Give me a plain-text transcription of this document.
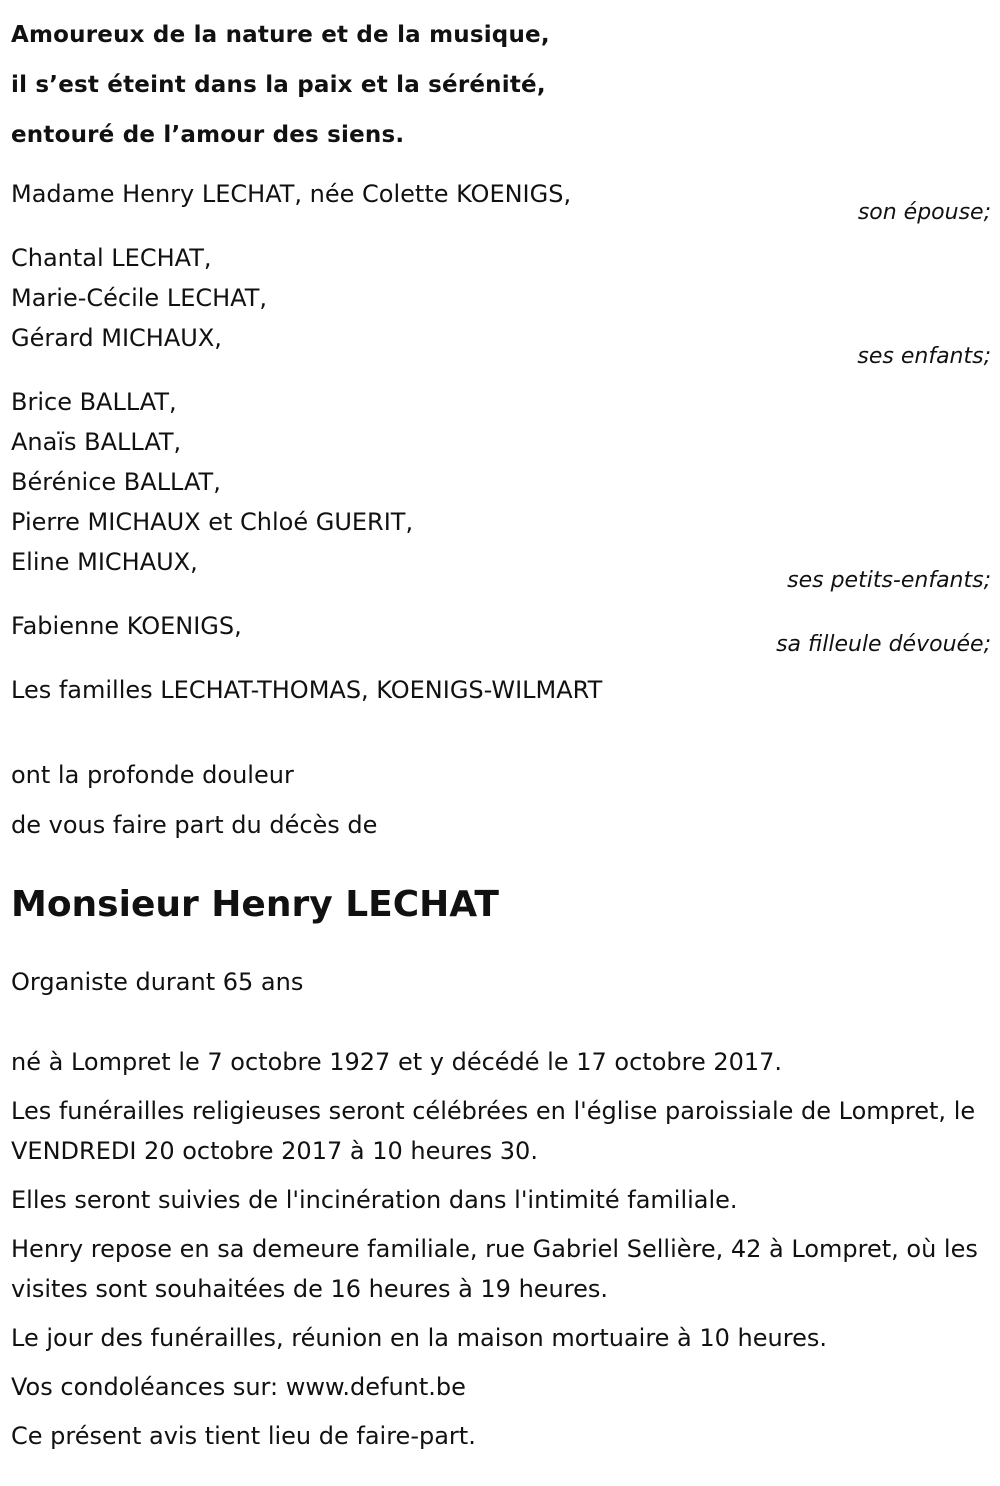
Amoureux de la nature et de la musique,
il s’est éteint dans la paix et la sérénité,
entouré de l’amour des siens.
Madame Henry LECHAT, née Colette KOENIGS,
son épouse;
Chantal LECHAT,
Marie-Cécile LECHAT,
Gérard MICHAUX,
ses enfants;
Brice BALLAT,
Anaïs BALLAT,
Bérénice BALLAT,
Pierre MICHAUX et Chloé GUERIT,
Eline MICHAUX,
ses petits-enfants;
Fabienne KOENIGS,
sa filleule dévouée;
Les familles LECHAT-THOMAS, KOENIGS-WILMART
ont la profonde douleur
de vous faire part du décès de
Monsieur Henry LECHAT
Organiste durant 65 ans
né à Lompret le 7 octobre 1927 et y décédé le 17 octobre 2017.
Les funérailles religieuses seront célébrées en l'église paroissiale de Lompret, le VENDREDI 20 octobre 2017 à 10 heures 30.
Elles seront suivies de l'incinération dans l'intimité familiale.
Henry repose en sa demeure familiale, rue Gabriel Sellière, 42 à Lompret, où les visites sont souhaitées de 16 heures à 19 heures.
Le jour des funérailles, réunion en la maison mortuaire à 10 heures.
Vos condoléances sur: www.defunt.be
Ce présent avis tient lieu de faire-part.
